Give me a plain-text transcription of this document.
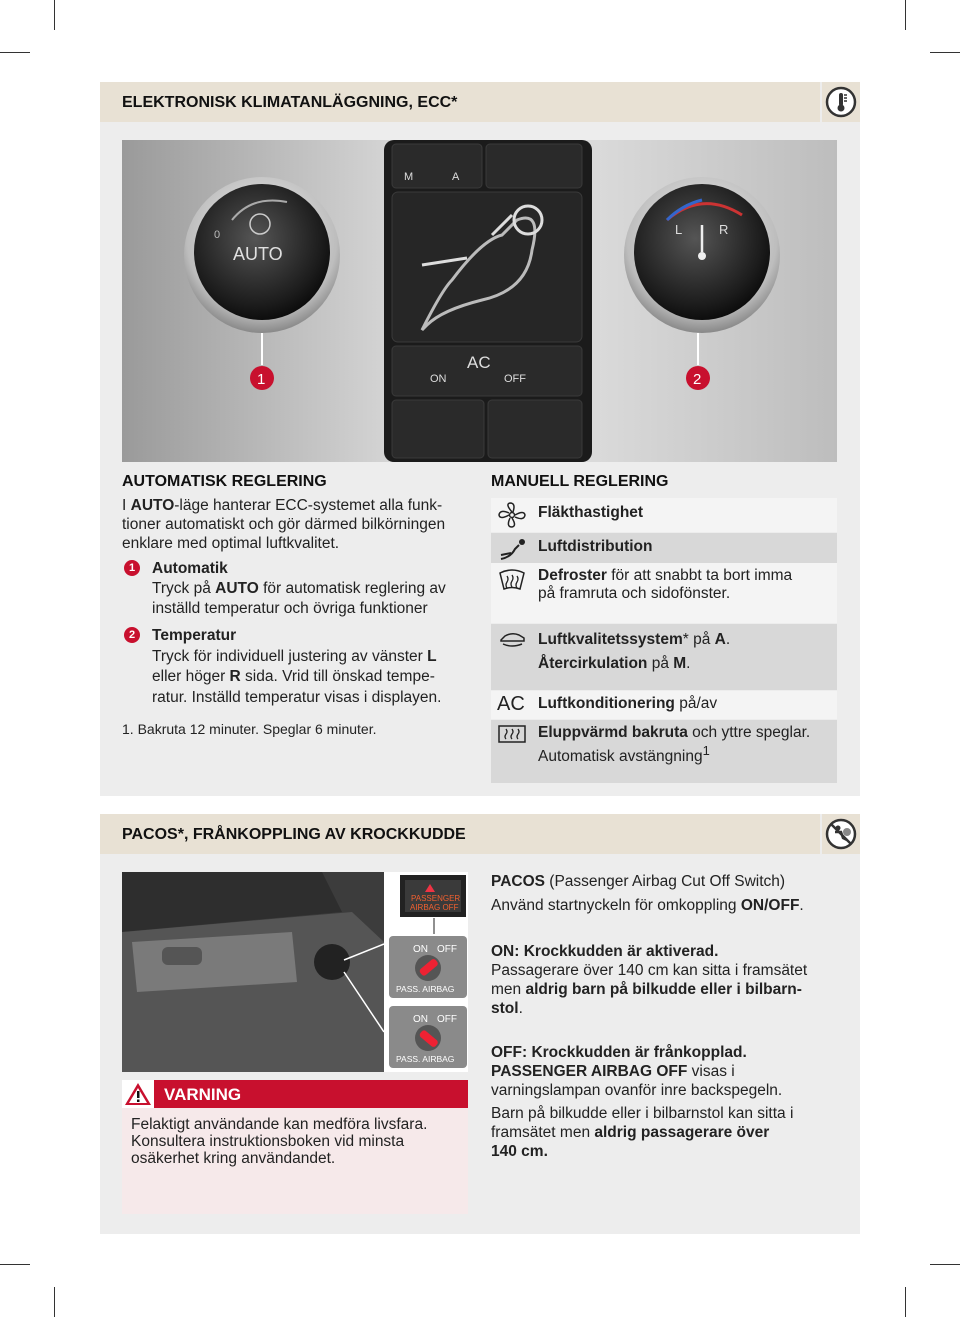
ELEKTRONISK KLIMATANLÄGGNING, ECC*
M	A
AC
ON	OFF
AUTO
0	L	R
1	2
AUTOMATISK REGLERING
I AUTO-läge hanterar ECC-systemet alla funk-
tioner automatiskt och gör därmed bilkörningen
enklare med optimal luftkvalitet.
1	Automatik
Tryck på AUTO för automatisk reglering av
inställd temperatur och övriga funktioner
2	Temperatur
Tryck för individuell justering av vänster L
eller höger R sida. Vrid till önskad tempe-
ratur. Inställd temperatur visas i displayen.
1. Bakruta 12 minuter. Speglar 6 minuter.
MANUELL REGLERING
Fläkthastighet
Luftdistribution
Defroster för att snabbt ta bort imma
på framruta och sidofönster.
Luftkvalitetssystem* på A.
Återcirkulation på M.
AC Luftkonditionering på/av
Eluppvärmd bakruta och yttre speglar.
Automatisk avstängning$^1$
PACOS*, FRÅNKOPPLING AV KROCKKUDDE
PASSENGER
AIRBAG OFF
ON OFF
PASS. AIRBAG
ON OFF
PASS. AIRBAG
PACOS (Passenger Airbag Cut Off Switch)
Använd startnyckeln för omkoppling ON/OFF.
ON: Krockkudden är aktiverad.
Passagerare över 140 cm kan sitta i framsätet
men aldrig barn på bilkudde eller i bilbarn-
stol.
OFF: Krockkudden är frånkopplad.
PASSENGER AIRBAG OFF visas i
varningslampan ovanför inre backspegeln.
Barn på bilkudde eller i bilbarnstol kan sitta i
framsätet men aldrig passagerare över
140 cm.
VARNING
Felaktigt användande kan medföra livsfara.
Konsultera instruktionsboken vid minsta
osäkerhet kring användandet.
